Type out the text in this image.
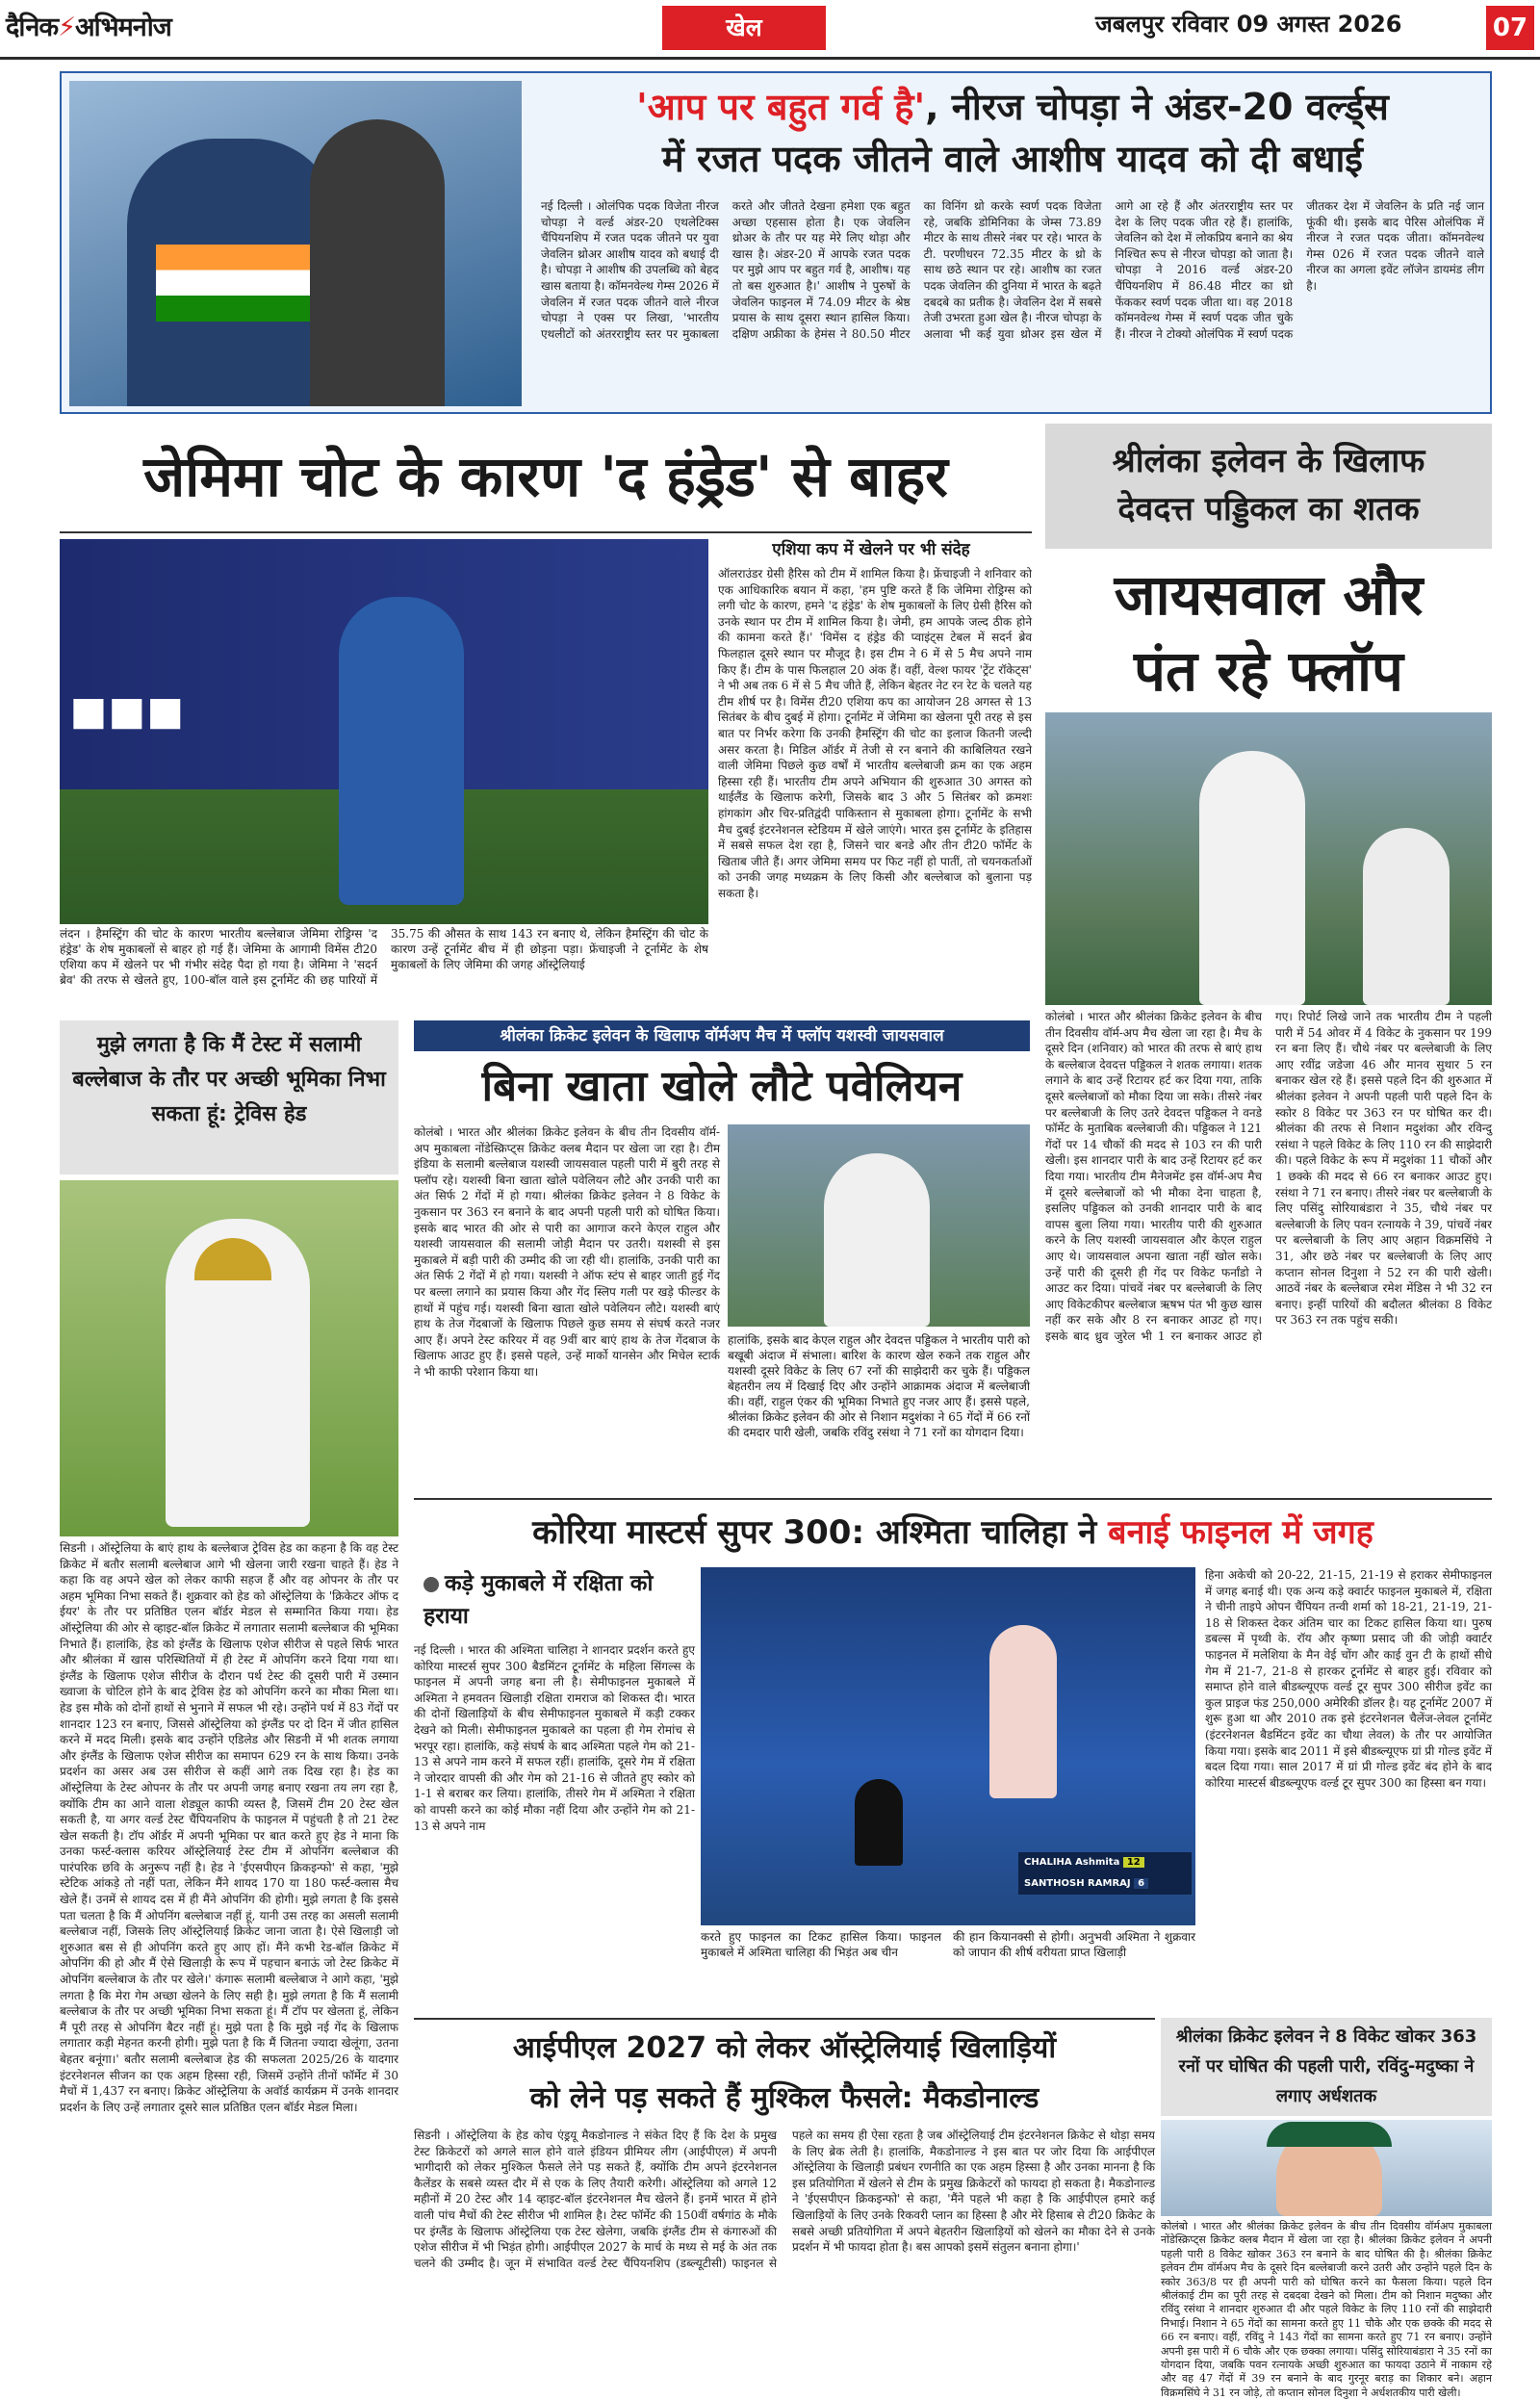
दैनिक⚡अभिमनोज	खेल	जबलपुर रविवार 09 अगस्त 2026	07
'आप पर बहुत गर्व है', नीरज चोपड़ा ने अंडर-20 वर्ल्ड्स
में रजत पदक जीतने वाले आशीष यादव को दी बधाई
नई दिल्ली । ओलंपिक पदक विजेता नीरज चोपड़ा ने वर्ल्ड अंडर-20 एथलेटिक्स चैंपियनशिप में रजत पदक जीतने पर युवा जेवलिन थ्रोअर आशीष यादव को बधाई दी है। चोपड़ा ने आशीष की उपलब्धि को बेहद खास बताया है। कॉमनवेल्थ गेम्स 2026 में जेवलिन में रजत पदक जीतने वाले नीरज चोपड़ा ने एक्स पर लिखा, 'भारतीय एथलीटों को अंतरराष्ट्रीय स्तर पर मुकाबला करते और जीतते देखना हमेशा एक बहुत अच्छा एहसास होता है। एक जेवलिन थ्रोअर के तौर पर यह मेरे लिए थोड़ा और खास है। अंडर-20 में आपके रजत पदक पर मुझे आप पर बहुत गर्व है, आशीष। यह तो बस शुरुआत है।' आशीष ने पुरुषों के जेवलिन फाइनल में 74.09 मीटर के श्रेष्ठ प्रयास के साथ दूसरा स्थान हासिल किया। दक्षिण अफ्रीका के हेमंस ने 80.50 मीटर का विनिंग थ्रो करके स्वर्ण पदक विजेता रहे, जबकि डोमिनिका के जेम्स 73.89 मीटर के साथ तीसरे नंबर पर रहे। भारत के टी. परणीधरन 72.35 मीटर के थ्रो के साथ छठे स्थान पर रहे। आशीष का रजत पदक जेवलिन की दुनिया में भारत के बढ़ते दबदबे का प्रतीक है। जेवलिन देश में सबसे तेजी उभरता हुआ खेल है। नीरज चोपड़ा के अलावा भी कई युवा थ्रोअर इस खेल में आगे आ रहे हैं और अंतरराष्ट्रीय स्तर पर देश के लिए पदक जीत रहे हैं। हालांकि, जेवलिन को देश में लोकप्रिय बनाने का श्रेय निश्चित रूप से नीरज चोपड़ा को जाता है। चोपड़ा ने 2016 वर्ल्ड अंडर-20 चैंपियनशिप में 86.48 मीटर का थ्रो फेंककर स्वर्ण पदक जीता था। वह 2018 कॉमनवेल्थ गेम्स में स्वर्ण पदक जीत चुके हैं। नीरज ने टोक्यो ओलंपिक में स्वर्ण पदक जीतकर देश में जेवलिन के प्रति नई जान फूंकी थी। इसके बाद पेरिस ओलंपिक में नीरज ने रजत पदक जीता। कॉमनवेल्थ गेम्स 026 में रजत पदक जीतने वाले नीरज का अगला इवेंट लॉजेन डायमंड लीग है।
जेमिमा चोट के कारण 'द हंड्रेड' से बाहर
एशिया कप में खेलने पर भी संदेह
◼◼◼
लंदन । हैमस्ट्रिंग की चोट के कारण भारतीय बल्लेबाज जेमिमा रोड्रिग्स 'द हंड्रेड' के शेष मुकाबलों से बाहर हो गई हैं। जेमिमा के आगामी विमेंस टी20 एशिया कप में खेलने पर भी गंभीर संदेह पैदा हो गया है। जेमिमा ने 'सदर्न ब्रेव' की तरफ से खेलते हुए, 100-बॉल वाले इस टूर्नामेंट की छह पारियों में 35.75 की औसत के साथ 143 रन बनाए थे, लेकिन हैमस्ट्रिंग की चोट के कारण उन्हें टूर्नामेंट बीच में ही छोड़ना पड़ा। फ्रेंचाइजी ने टूर्नामेंट के शेष मुकाबलों के लिए जेमिमा की जगह ऑस्ट्रेलियाई
ऑलराउंडर ग्रेसी हैरिस को टीम में शामिल किया है। फ्रेंचाइजी ने शनिवार को एक आधिकारिक बयान में कहा, 'हम पुष्टि करते हैं कि जेमिमा रोड्रिग्स को लगी चोट के कारण, हमने 'द हंड्रेड' के शेष मुकाबलों के लिए ग्रेसी हैरिस को उनके स्थान पर टीम में शामिल किया है। जेमी, हम आपके जल्द ठीक होने की कामना करते हैं।' 'विमेंस द हंड्रेड की प्वाइंट्स टेबल में सदर्न ब्रेव फिलहाल दूसरे स्थान पर मौजूद है। इस टीम ने 6 में से 5 मैच अपने नाम किए हैं। टीम के पास फिलहाल 20 अंक हैं। वहीं, वेल्श फायर 'ट्रेंट रॉकेट्स' ने भी अब तक 6 में से 5 मैच जीते हैं, लेकिन बेहतर नेट रन रेट के चलते यह टीम शीर्ष पर है। विमेंस टी20 एशिया कप का आयोजन 28 अगस्त से 13 सितंबर के बीच दुबई में होगा। टूर्नामेंट में जेमिमा का खेलना पूरी तरह से इस बात पर निर्भर करेगा कि उनकी हैमस्ट्रिंग की चोट का इलाज कितनी जल्दी असर करता है। मिडिल ऑर्डर में तेजी से रन बनाने की काबिलियत रखने वाली जेमिमा पिछले कुछ वर्षों में भारतीय बल्लेबाजी क्रम का एक अहम हिस्सा रही हैं। भारतीय टीम अपने अभियान की शुरुआत 30 अगस्त को थाईलैंड के खिलाफ करेगी, जिसके बाद 3 और 5 सितंबर को क्रमशः हांगकांग और चिर-प्रतिद्वंदी पाकिस्तान से मुकाबला होगा। टूर्नामेंट के सभी मैच दुबई इंटरनेशनल स्टेडियम में खेले जाएंगे। भारत इस टूर्नामेंट के इतिहास में सबसे सफल देश रहा है, जिसने चार बनडे और तीन टी20 फॉर्मेट के खिताब जीते हैं। अगर जेमिमा समय पर फिट नहीं हो पातीं, तो चयनकर्ताओं को उनकी जगह मध्यक्रम के लिए किसी और बल्लेबाज को बुलाना पड़ सकता है।
श्रीलंका इलेवन के खिलाफ
देवदत्त पड्डिकल का शतक
जायसवाल और
पंत रहे फ्लॉप
कोलंबो । भारत और श्रीलंका क्रिकेट इलेवन के बीच तीन दिवसीय वॉर्म-अप मैच खेला जा रहा है। मैच के दूसरे दिन (शनिवार) को भारत की तरफ से बाएं हाथ के बल्लेबाज देवदत्त पड्डिकल ने शतक लगाया। शतक लगाने के बाद उन्हें रिटायर हर्ट कर दिया गया, ताकि दूसरे बल्लेबाजों को मौका दिया जा सके। तीसरे नंबर पर बल्लेबाजी के लिए उतरे देवदत्त पड्डिकल ने वनडे फॉर्मेट के मुताबिक बल्लेबाजी की। पड्डिकल ने 121 गेंदों पर 14 चौकों की मदद से 103 रन की पारी खेली। इस शानदार पारी के बाद उन्हें रिटायर हर्ट कर दिया गया। भारतीय टीम मैनेजमेंट इस वॉर्म-अप मैच में दूसरे बल्लेबाजों को भी मौका देना चाहता है, इसलिए पड्डिकल को उनकी शानदार पारी के बाद वापस बुला लिया गया। भारतीय पारी की शुरुआत करने के लिए यशस्वी जायसवाल और केएल राहुल आए थे। जायसवाल अपना खाता नहीं खोल सके। उन्हें पारी की दूसरी ही गेंद पर विकेट फर्नांडो ने आउट कर दिया। पांचवें नंबर पर बल्लेबाजी के लिए आए विकेटकीपर बल्लेबाज ऋषभ पंत भी कुछ खास नहीं कर सके और 8 रन बनाकर आउट हो गए। इसके बाद ध्रुव जुरेल भी 1 रन बनाकर आउट हो गए। रिपोर्ट लिखे जाने तक भारतीय टीम ने पहली पारी में 54 ओवर में 4 विकेट के नुकसान पर 199 रन बना लिए हैं। चौथे नंबर पर बल्लेबाजी के लिए आए रवींद्र जडेजा 46 और मानव सुथार 5 रन बनाकर खेल रहे हैं। इससे पहले दिन की शुरुआत में श्रीलंका इलेवन ने अपनी पहली पारी पहले दिन के स्कोर 8 विकेट पर 363 रन पर घोषित कर दी। श्रीलंका की तरफ से निशान मदुशंका और रविन्दु रसंथा ने पहले विकेट के लिए 110 रन की साझेदारी की। पहले विकेट के रूप में मदुशंका 11 चौकों और 1 छक्के की मदद से 66 रन बनाकर आउट हुए। रसंथा ने 71 रन बनाए। तीसरे नंबर पर बल्लेबाजी के लिए पसिंदु सोरियाबंडारा ने 35, चौथे नंबर पर बल्लेबाजी के लिए पवन रत्नायके ने 39, पांचवें नंबर पर बल्लेबाजी के लिए आए अहान विक्रमसिंघे ने 31, और छठे नंबर पर बल्लेबाजी के लिए आए कप्तान सोनल दिनुशा ने 52 रन की पारी खेली। आठवें नंबर के बल्लेबाज रमेश मेंडिस ने भी 32 रन बनाए। इन्हीं पारियों की बदौलत श्रीलंका 8 विकेट पर 363 रन तक पहुंच सकी।
मुझे लगता है कि मैं टेस्ट में सलामी बल्लेबाज के तौर पर अच्छी भूमिका निभा सकता हूं: ट्रेविस हेड
सिडनी । ऑस्ट्रेलिया के बाएं हाथ के बल्लेबाज ट्रेविस हेड का कहना है कि वह टेस्ट क्रिकेट में बतौर सलामी बल्लेबाज आगे भी खेलना जारी रखना चाहते हैं। हेड ने कहा कि वह अपने खेल को लेकर काफी सहज हैं और वह ओपनर के तौर पर अहम भूमिका निभा सकते हैं। शुक्रवार को हेड को ऑस्ट्रेलिया के 'क्रिकेटर ऑफ द ईयर' के तौर पर प्रतिष्ठित एलन बॉर्डर मेडल से सम्मानित किया गया। हेड ऑस्ट्रेलिया की ओर से व्हाइट-बॉल क्रिकेट में लगातार सलामी बल्लेबाज की भूमिका निभाते हैं। हालांकि, हेड को इंग्लैंड के खिलाफ एशेज सीरीज से पहले सिर्फ भारत और श्रीलंका में खास परिस्थितियों में ही टेस्ट में ओपनिंग करने दिया गया था। इंग्लैंड के खिलाफ एशेज सीरीज के दौरान पर्थ टेस्ट की दूसरी पारी में उस्मान ख्वाजा के चोटिल होने के बाद ट्रेविस हेड को ओपनिंग करने का मौका मिला था। हेड इस मौके को दोनों हाथों से भुनाने में सफल भी रहे। उन्होंने पर्थ में 83 गेंदों पर शानदार 123 रन बनाए, जिससे ऑस्ट्रेलिया को इंग्लैंड पर दो दिन में जीत हासिल करने में मदद मिली। इसके बाद उन्होंने एडिलेड और सिडनी में भी शतक लगाया और इंग्लैंड के खिलाफ एशेज सीरीज का समापन 629 रन के साथ किया। उनके प्रदर्शन का असर अब उस सीरीज से कहीं आगे तक दिख रहा है। हेड का ऑस्ट्रेलिया के टेस्ट ओपनर के तौर पर अपनी जगह बनाए रखना तय लग रहा है, क्योंकि टीम का आने वाला शेड्यूल काफी व्यस्त है, जिसमें टीम 20 टेस्ट खेल सकती है, या अगर वर्ल्ड टेस्ट चैंपियनशिप के फाइनल में पहुंचती है तो 21 टेस्ट खेल सकती है। टॉप ऑर्डर में अपनी भूमिका पर बात करते हुए हेड ने माना कि उनका फर्स्ट-क्लास करियर ऑस्ट्रेलियाई टेस्ट टीम में ओपनिंग बल्लेबाज की पारंपरिक छवि के अनुरूप नहीं है। हेड ने 'ईएसपीएन क्रिकइन्फो' से कहा, 'मुझे स्टेटिक आंकड़े तो नहीं पता, लेकिन मैंने शायद 170 या 180 फर्स्ट-क्लास मैच खेले हैं। उनमें से शायद दस में ही मैंने ओपनिंग की होगी। मुझे लगता है कि इससे पता चलता है कि मैं ओपनिंग बल्लेबाज नहीं हूं, यानी उस तरह का असली सलामी बल्लेबाज नहीं, जिसके लिए ऑस्ट्रेलियाई क्रिकेट जाना जाता है। ऐसे खिलाड़ी जो शुरुआत बस से ही ओपनिंग करते हुए आए हों। मैंने कभी रेड-बॉल क्रिकेट में ओपनिंग की हो और मैं ऐसे खिलाड़ी के रूप में पहचान बनाऊं जो टेस्ट क्रिकेट में ओपनिंग बल्लेबाज के तौर पर खेले।' कंगारू सलामी बल्लेबाज ने आगे कहा, 'मुझे लगता है कि मेरा गेम अच्छा खेलने के लिए सही है। मुझे लगता है कि मैं सलामी बल्लेबाज के तौर पर अच्छी भूमिका निभा सकता हूं। मैं टॉप पर खेलता हूं, लेकिन मैं पूरी तरह से ओपनिंग बैटर नहीं हूं। मुझे पता है कि मुझे नई गेंद के खिलाफ लगातार कड़ी मेहनत करनी होगी। मुझे पता है कि मैं जितना ज्यादा खेलूंगा, उतना बेहतर बनूंगा।' बतौर सलामी बल्लेबाज हेड की सफलता 2025/26 के यादगार इंटरनेशनल सीजन का एक अहम हिस्सा रही, जिसमें उन्होंने तीनों फॉर्मेट में 30 मैचों में 1,437 रन बनाए। क्रिकेट ऑस्ट्रेलिया के अवॉर्ड कार्यक्रम में उनके शानदार प्रदर्शन के लिए उन्हें लगातार दूसरे साल प्रतिष्ठित एलन बॉर्डर मेडल मिला।
श्रीलंका क्रिकेट इलेवन के खिलाफ वॉर्मअप मैच में फ्लॉप यशस्वी जायसवाल
बिना खाता खोले लौटे पवेलियन
कोलंबो । भारत और श्रीलंका क्रिकेट इलेवन के बीच तीन दिवसीय वॉर्म-अप मुकाबला नोंडेस्क्रिप्ट्स क्रिकेट क्लब मैदान पर खेला जा रहा है। टीम इंडिया के सलामी बल्लेबाज यशस्वी जायसवाल पहली पारी में बुरी तरह से फ्लॉप रहे। यशस्वी बिना खाता खोले पवेलियन लौटे और उनकी पारी का अंत सिर्फ 2 गेंदों में हो गया। श्रीलंका क्रिकेट इलेवन ने 8 विकेट के नुकसान पर 363 रन बनाने के बाद अपनी पहली पारी को घोषित किया। इसके बाद भारत की ओर से पारी का आगाज करने केएल राहुल और यशस्वी जायसवाल की सलामी जोड़ी मैदान पर उतरी। यशस्वी से इस मुकाबले में बड़ी पारी की उम्मीद की जा रही थी। हालांकि, उनकी पारी का अंत सिर्फ 2 गेंदों में हो गया। यशस्वी ने ऑफ स्टंप से बाहर जाती हुई गेंद पर बल्ला लगाने का प्रयास किया और गेंद स्लिप गली पर खड़े फील्डर के हाथों में पहुंच गई। यशस्वी बिना खाता खोले पवेलियन लौटे। यशस्वी बाएं हाथ के तेज गेंदबाजों के खिलाफ पिछले कुछ समय से संघर्ष करते नजर आए हैं। अपने टेस्ट करियर में वह 9वीं बार बाएं हाथ के तेज गेंदबाज के खिलाफ आउट हुए हैं। इससे पहले, उन्हें मार्को यानसेन और मिचेल स्टार्क ने भी काफी परेशान किया था।
हालांकि, इसके बाद केएल राहुल और देवदत्त पड्डिकल ने भारतीय पारी को बखूबी अंदाज में संभाला। बारिश के कारण खेल रुकने तक राहुल और यशस्वी दूसरे विकेट के लिए 67 रनों की साझेदारी कर चुके हैं। पड्डिकल बेहतरीन लय में दिखाई दिए और उन्होंने आक्रामक अंदाज में बल्लेबाजी की। वहीं, राहुल एंकर की भूमिका निभाते हुए नजर आए हैं। इससे पहले, श्रीलंका क्रिकेट इलेवन की ओर से निशान मदुशंका ने 65 गेंदों में 66 रनों की दमदार पारी खेली, जबकि रविंदु रसंथा ने 71 रनों का योगदान दिया।
कोरिया मास्टर्स सुपर 300: अश्मिता चालिहा ने बनाई फाइनल में जगह
कड़े मुकाबले में रक्षिता को हराया
नई दिल्ली । भारत की अश्मिता चालिहा ने शानदार प्रदर्शन करते हुए कोरिया मास्टर्स सुपर 300 बैडमिंटन टूर्नामेंट के महिला सिंगल्स के फाइनल में अपनी जगह बना ली है। सेमीफाइनल मुकाबले में अश्मिता ने हमवतन खिलाड़ी रक्षिता रामराज को शिकस्त दी। भारत की दोनों खिलाड़ियों के बीच सेमीफाइनल मुकाबले में कड़ी टक्कर देखने को मिली। सेमीफाइनल मुकाबले का पहला ही गेम रोमांच से भरपूर रहा। हालांकि, कड़े संघर्ष के बाद अश्मिता पहले गेम को 21-13 से अपने नाम करने में सफल रहीं। हालांकि, दूसरे गेम में रक्षिता ने जोरदार वापसी की और गेम को 21-16 से जीतते हुए स्कोर को 1-1 से बराबर कर लिया। हालांकि, तीसरे गेम में अश्मिता ने रक्षिता को वापसी करने का कोई मौका नहीं दिया और उन्होंने गेम को 21-13 से अपने नाम
CHALIHA Ashmita 12
SANTHOSH RAMRAJ 6
करते हुए फाइनल का टिकट हासिल किया। फाइनल मुकाबले में अश्मिता चालिहा की भिड़ंत अब चीन
की हान कियानक्सी से होगी। अनुभवी अश्मिता ने शुक्रवार को जापान की शीर्ष वरीयता प्राप्त खिलाड़ी
हिना अकेची को 20-22, 21-15, 21-19 से हराकर सेमीफाइनल में जगह बनाई थी। एक अन्य कड़े क्वार्टर फाइनल मुकाबले में, रक्षिता ने चीनी ताइपे ओपन चैंपियन तन्वी शर्मा को 18-21, 21-19, 21-18 से शिकस्त देकर अंतिम चार का टिकट हासिल किया था। पुरुष डबल्स में पृथ्वी के. रॉय और कृष्णा प्रसाद जी की जोड़ी क्वार्टर फाइनल में मलेशिया के मैन वेई चोंग और काई वुन टी के हाथों सीधे गेम में 21-7, 21-8 से हारकर टूर्नामेंट से बाहर हुई। रविवार को समाप्त होने वाले बीडब्ल्यूएफ वर्ल्ड टूर सुपर 300 सीरीज इवेंट का कुल प्राइज फंड 250,000 अमेरिकी डॉलर है। यह टूर्नामेंट 2007 में शुरू हुआ था और 2010 तक इसे इंटरनेशनल चैलेंज-लेवल टूर्नामेंट (इंटरनेशनल बैडमिंटन इवेंट का चौथा लेवल) के तौर पर आयोजित किया गया। इसके बाद 2011 में इसे बीडब्ल्यूएफ ग्रां प्री गोल्ड इवेंट में बदल दिया गया। साल 2017 में ग्रां प्री गोल्ड इवेंट बंद होने के बाद कोरिया मास्टर्स बीडब्ल्यूएफ वर्ल्ड टूर सुपर 300 का हिस्सा बन गया।
आईपीएल 2027 को लेकर ऑस्ट्रेलियाई खिलाड़ियों
को लेने पड़ सकते हैं मुश्किल फैसले: मैकडोनाल्ड
सिडनी । ऑस्ट्रेलिया के हेड कोच एंड्रयू मैकडोनाल्ड ने संकेत दिए हैं कि देश के प्रमुख टेस्ट क्रिकेटरों को अगले साल होने वाले इंडियन प्रीमियर लीग (आईपीएल) में अपनी भागीदारी को लेकर मुश्किल फैसले लेने पड़ सकते हैं, क्योंकि टीम अपने इंटरनेशनल कैलेंडर के सबसे व्यस्त दौर में से एक के लिए तैयारी करेगी। ऑस्ट्रेलिया को अगले 12 महीनों में 20 टेस्ट और 14 व्हाइट-बॉल इंटरनेशनल मैच खेलने हैं। इनमें भारत में होने वाली पांच मैचों की टेस्ट सीरीज भी शामिल है। टेस्ट फॉर्मेट की 150वीं वर्षगांठ के मौके पर इंग्लैंड के खिलाफ ऑस्ट्रेलिया एक टेस्ट खेलेगा, जबकि इंग्लैंड टीम से कंगारुओं की एशेज सीरीज में भी भिड़ंत होगी। आईपीएल 2027 के मार्च के मध्य से मई के अंत तक चलने की उम्मीद है। जून में संभावित वर्ल्ड टेस्ट चैंपियनशिप (डब्ल्यूटीसी) फाइनल से पहले का समय ही ऐसा रहता है जब ऑस्ट्रेलियाई टीम इंटरनेशनल क्रिकेट से थोड़ा समय के लिए ब्रेक लेती है। हालांकि, मैकडोनाल्ड ने इस बात पर जोर दिया कि आईपीएल ऑस्ट्रेलिया के खिलाड़ी प्रबंधन रणनीति का एक अहम हिस्सा है और उनका मानना है कि इस प्रतियोगिता में खेलने से टीम के प्रमुख क्रिकेटरों को फायदा हो सकता है। मैकडोनाल्ड ने 'ईएसपीएन क्रिकइन्फो' से कहा, 'मैंने पहले भी कहा है कि आईपीएल हमारे कई खिलाड़ियों के लिए उनके रिकवरी प्लान का हिस्सा है और मेरे हिसाब से टी20 क्रिकेट के सबसे अच्छी प्रतियोगिता में अपने बेहतरीन खिलाड़ियों को खेलने का मौका देने से उनके प्रदर्शन में भी फायदा होता है। बस आपको इसमें संतुलन बनाना होगा।'
श्रीलंका क्रिकेट इलेवन ने 8 विकेट खोकर 363 रनों पर घोषित की पहली पारी, रविंदु-मदुष्का ने लगाए अर्धशतक
कोलंबो । भारत और श्रीलंका क्रिकेट इलेवन के बीच तीन दिवसीय वॉर्मअप मुकाबला नोंडेस्क्रिप्ट्स क्रिकेट क्लब मैदान में खेला जा रहा है। श्रीलंका क्रिकेट इलेवन ने अपनी पहली पारी 8 विकेट खोकर 363 रन बनाने के बाद घोषित की है। श्रीलंका क्रिकेट इलेवन टीम वॉर्मअप मैच के दूसरे दिन बल्लेबाजी करने उतरी और उन्होंने पहले दिन के स्कोर 363/8 पर ही अपनी पारी को घोषित करने का फैसला किया। पहले दिन श्रीलंकाई टीम का पूरी तरह से दबदबा देखने को मिला। टीम को निशान मदुष्का और रविंदु रसंथा ने शानदार शुरुआत दी और पहले विकेट के लिए 110 रनों की साझेदारी निभाई। निशान ने 65 गेंदों का सामना करते हुए 11 चौके और एक छक्के की मदद से 66 रन बनाए। वहीं, रविंदु ने 143 गेंदों का सामना करते हुए 71 रन बनाए। उन्होंने अपनी इस पारी में 6 चौके और एक छक्का लगाया। पसिंदु सोरियाबंडारा ने 35 रनों का योगदान दिया, जबकि पवन रत्नायके अच्छी शुरुआत का फायदा उठाने में नाकाम रहे और वह 47 गेंदों में 39 रन बनाने के बाद गुरनूर बराड़ का शिकार बने। अहान विक्रमसिंघे ने 31 रन जोड़े, तो कप्तान सोनल दिनुशा ने अर्धशतकीय पारी खेली।
